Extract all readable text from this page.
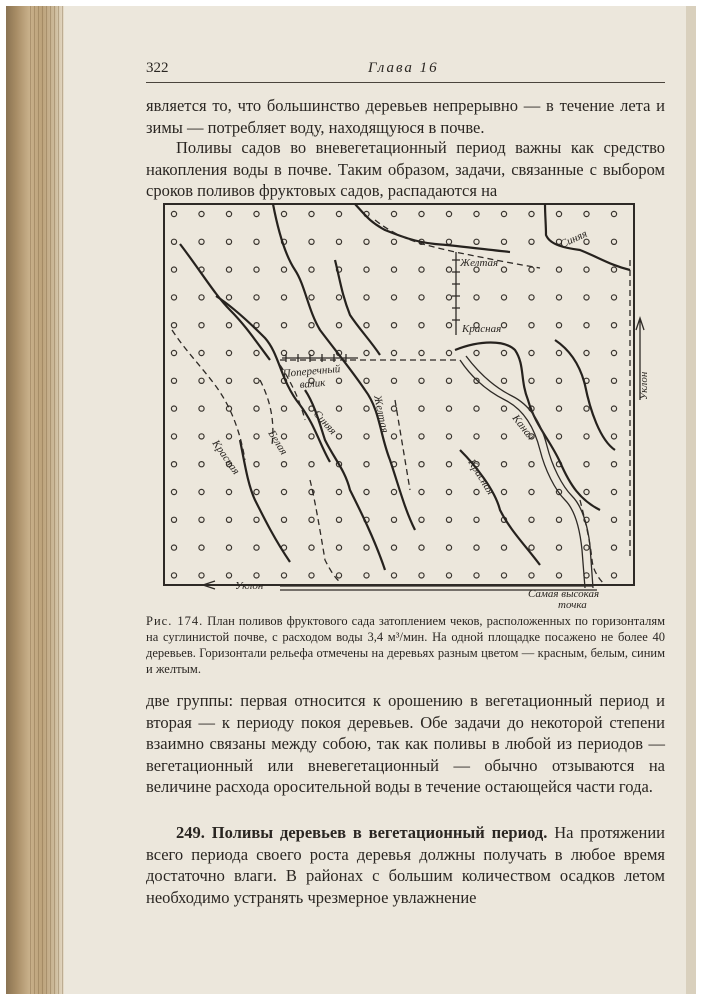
322	Глава 16

является то, что большинство деревьев непрерывно — в течение лета и зимы — потребляет воду, находящуюся в почве.

Поливы садов во вневегетационный период важны как средство накопления воды в почве. Таким образом, задачи, связанные с выбором сроков поливов фруктовых садов, распадаются на

Синяя
Желтая
Красная
Поперечный
валик
Красная Белая
Синяя	Желтая	Канал
Красная
Уклон
Уклон
Самая высокая
точка

Рис. 174. План поливов фруктового сада затоплением чеков, расположенных по горизонталям на суглинистой почве, с расходом воды 3,4 м³/мин. На одной площадке посажено не более 40 деревьев. Горизонтали рельефа отмечены на деревьях разным цветом — красным, белым, синим и желтым.

две группы: первая относится к орошению в вегетационный период и вторая — к периоду покоя деревьев. Обе задачи до некоторой степени взаимно связаны между собою, так как поливы в любой из периодов — вегетационный или вневегетационный — обычно отзываются на величине расхода оросительной воды в течение остающейся части года.

249. Поливы деревьев в вегетационный период. На протяжении всего периода своего роста деревья должны получать в любое время достаточно влаги. В районах с большим количеством осадков летом необходимо устранять чрезмерное увлажнение
